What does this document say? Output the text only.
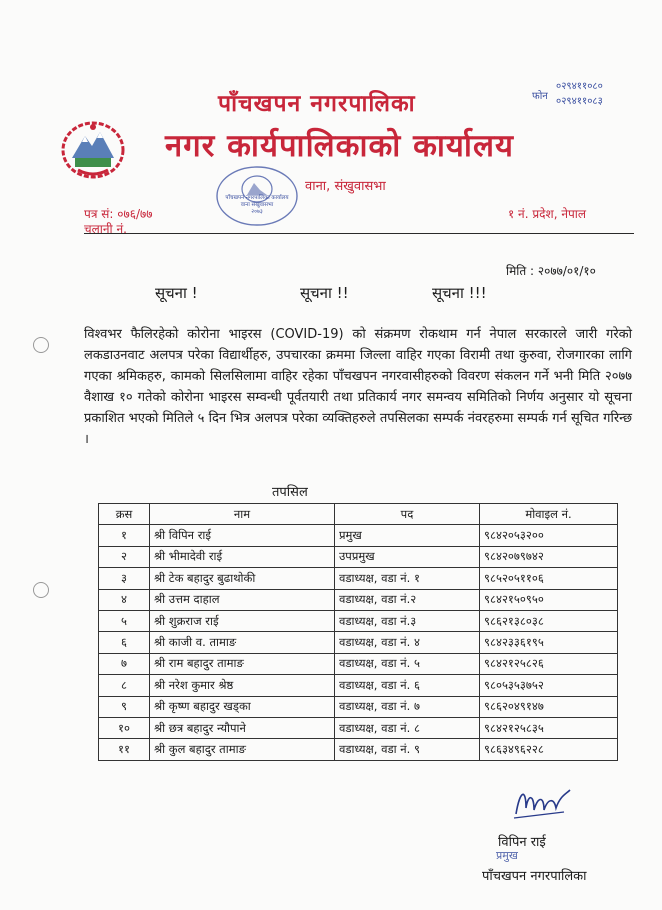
फोन
०२९४११०८०
०२९४११०८३
पाँचखपन नगरपालिका
नगर कार्यपालिकाको कार्यालय
पाँचखपन नगरपालिका कार्यालय
वाना संखुवासभा
२०७३
वाना, संखुवासभा
पत्र सं: ०७६/७७
चलानी नं.
१ नं. प्रदेश, नेपाल
मिति : २०७७/०१/१०
सूचना !	सूचना !!	सूचना !!!
विश्वभर फैलिरहेको कोरोना भाइरस (COVID-19) को संक्रमण रोकथाम गर्न नेपाल सरकारले जारी गरेको लकडाउनवाट अलपत्र परेका विद्यार्थीहरु, उपचारका क्रममा जिल्ला वाहिर गएका विरामी तथा कुरुवा, रोजगारका लागि गएका श्रमिकहरु, कामको सिलसिलामा वाहिर रहेका पाँचखपन नगरवासीहरुको विवरण संकलन गर्ने भनी मिति २०७७ वैशाख १० गतेको कोरोना भाइरस सम्वन्धी पूर्वतयारी तथा प्रतिकार्य नगर समन्वय समितिको निर्णय अनुसार यो सूचना प्रकाशित भएको मितिले ५ दिन भित्र अलपत्र परेका व्यक्तिहरुले तपसिलका सम्पर्क नंवरहरुमा सम्पर्क गर्न सूचित गरिन्छ ।
तपसिल
क्रस	नाम	पद	मोवाइल नं.
१	श्री विपिन राई	प्रमुख	९८४२०५३२००
२	श्री भीमादेवी राई	उपप्रमुख	९८४२०७९७४२
३	श्री टेक बहादुर बुढाथोकी	वडाध्यक्ष, वडा नं. १	९८५२०५११०६
४	श्री उत्तम दाहाल	वडाध्यक्ष, वडा नं.२	९८४२१५०९५०
५	श्री शुक्रराज राई	वडाध्यक्ष, वडा नं.३	९८६२१३८०३८
६	श्री काजी व. तामाङ	वडाध्यक्ष, वडा नं. ४	९८४२३३६१९५
७	श्री राम बहादुर तामाङ	वडाध्यक्ष, वडा नं. ५	९८४२१२५८२६
८	श्री नरेश कुमार श्रेष्ठ	वडाध्यक्ष, वडा नं. ६	९८०५३५३७५२
९	श्री कृष्ण बहादुर खड्का	वडाध्यक्ष, वडा नं. ७	९८६२०४९१४७
१०	श्री छत्र बहादुर न्यौपाने	वडाध्यक्ष, वडा नं. ८	९८४२१२५८३५
११	श्री कुल बहादुर तामाङ	वडाध्यक्ष, वडा नं. ९	९८६३४९६२२८
विपिन राई
प्रमुख
पाँचखपन नगरपालिका
